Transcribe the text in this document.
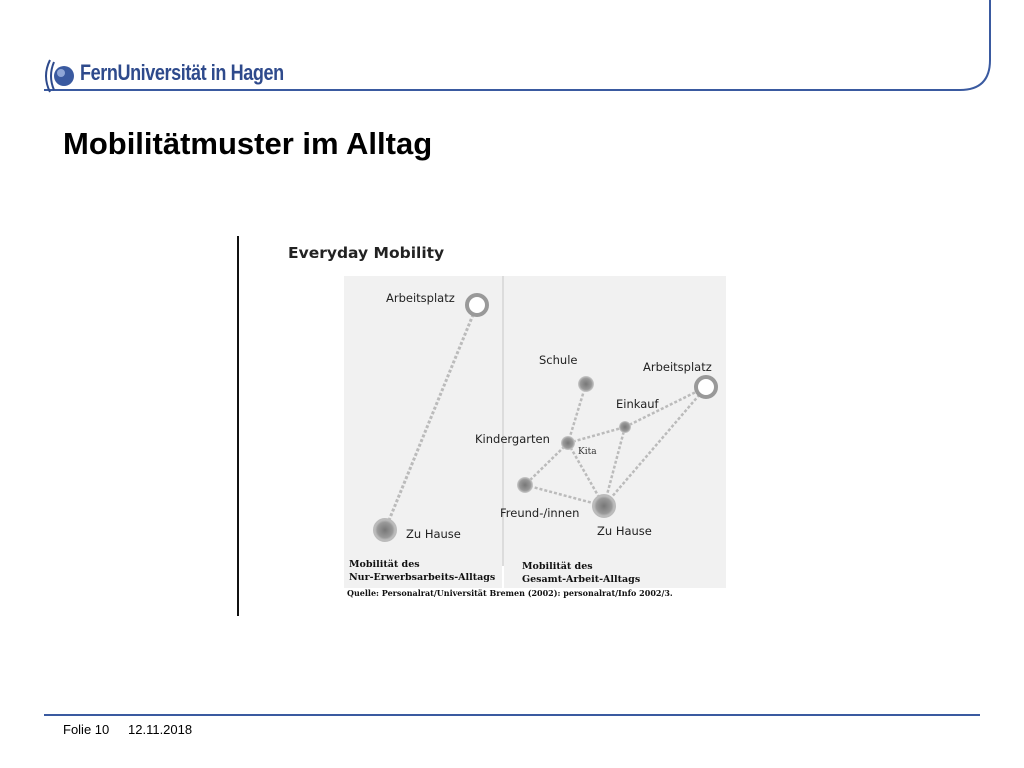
FernUniversität in Hagen
Mobilitätmuster im Alltag
Everyday Mobility
Arbeitsplatz
Zu Hause
Schule	Arbeitsplatz
Einkauf
Kindergarten
Kita
Freund-/innen
Zu Hause
Mobilität des
Nur-Erwerbsarbeits-Alltags
Mobilität des
Gesamt-Arbeit-Alltags
Quelle: Personalrat/Universität Bremen (2002): personalrat/Info 2002/3.
Folie 10 12.11.2018
